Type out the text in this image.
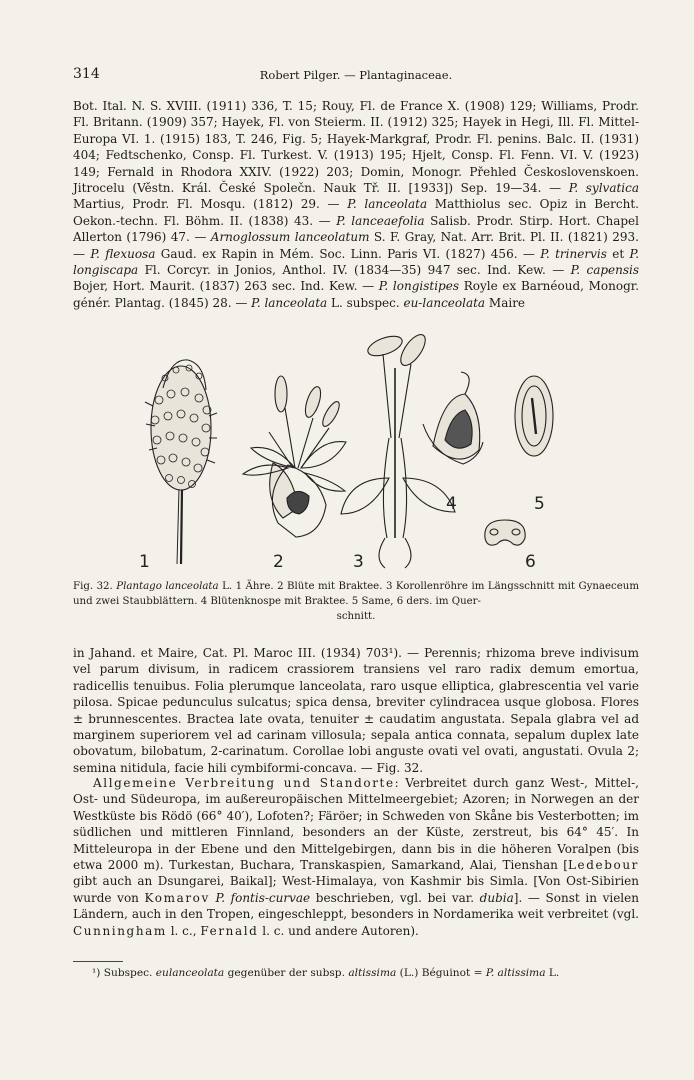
314	Robert Pilger. — Plantaginaceae.

Bot. Ital. N. S. XVIII. (1911) 336, T. 15; Rouy, Fl. de France X. (1908) 129; Williams, Prodr. Fl. Britann. (1909) 357; Hayek, Fl. von Steierm. II. (1912) 325; Hayek in Hegi, Ill. Fl. Mittel-Europa VI. 1. (1915) 183, T. 246, Fig. 5; Hayek-Markgraf, Prodr. Fl. penins. Balc. II. (1931) 404; Fedtschenko, Consp. Fl. Turkest. V. (1913) 195; Hjelt, Consp. Fl. Fenn. VI. V. (1923) 149; Fernald in Rhodora XXIV. (1922) 203; Domin, Monogr. Přehled Československoen. Jitrocelu (Věstn. Král. České Společn. Nauk Tř. II. [1933]) Sep. 19—34. — P. sylvatica Martius, Prodr. Fl. Mosqu. (1812) 29. — P. lanceolata Matthiolus sec. Opiz in Bercht. Oekon.-techn. Fl. Böhm. II. (1838) 43. — P. lanceaefolia Salisb. Prodr. Stirp. Hort. Chapel Allerton (1796) 47. — Arnoglossum lanceolatum S. F. Gray, Nat. Arr. Brit. Pl. II. (1821) 293. — P. flexuosa Gaud. ex Rapin in Mém. Soc. Linn. Paris VI. (1827) 456. — P. trinervis et P. longiscapa Fl. Corcyr. in Jonios, Anthol. IV. (1834—35) 947 sec. Ind. Kew. — P. capensis Bojer, Hort. Maurit. (1837) 263 sec. Ind. Kew. — P. longistipes Royle ex Barnéoud, Monogr. génér. Plantag. (1845) 28. — P. lanceolata L. subspec. eu-lanceolata Maire

1	2	3
4	5
6
Fig. 32. Plantago lanceolata L. 1 Ähre. 2 Blüte mit Braktee. 3 Korollenröhre im Längsschnitt mit Gynaeceum und zwei Staubblättern. 4 Blütenknospe mit Braktee. 5 Same, 6 ders. im Quer-
schnitt.

in Jahand. et Maire, Cat. Pl. Maroc III. (1934) 703¹). — Perennis; rhizoma breve indivisum vel parum divisum, in radicem crassiorem transiens vel raro radix demum emortua, radicellis tenuibus. Folia plerumque lanceolata, raro usque elliptica, glabrescentia vel varie pilosa. Spicae pedunculus sulcatus; spica densa, breviter cylindracea usque globosa. Flores ± brunnescentes. Bracteа late ovata, tenuiter ± caudatim angustata. Sepala glabra vel ad marginem superiorem vel ad carinam villosula; sepala antica connata, sepalum duplex late obovatum, bilobatum, 2-carinatum. Corollae lobi anguste ovati vel ovati, angustati. Ovula 2; semina nitidula, facie hili cymbiformi-concava. — Fig. 32.

Allgemeine Verbreitung und Standorte: Verbreitet durch ganz West-, Mittel-, Ost- und Südeuropa, im außereuropäischen Mittelmeergebiet; Azoren; in Norwegen an der Westküste bis Rödö (66° 40′), Lofoten?; Färöer; in Schweden von Skåne bis Vesterbotten; im südlichen und mittleren Finnland, besonders an der Küste, zerstreut, bis 64° 45′. In Mitteleuropa in der Ebene und den Mittelgebirgen, dann bis in die höheren Voralpen (bis etwa 2000 m). Turkestan, Buchara, Transkaspien, Samarkand, Alai, Tienshan [Ledebour gibt auch an Dsungarei, Baikal]; West-Himalaya, von Kashmir bis Simla. [Von Ost-Sibirien wurde von Komarov P. fontis-curvae beschrieben, vgl. bei var. dubia]. — Sonst in vielen Ländern, auch in den Tropen, eingeschleppt, besonders in Nordamerika weit verbreitet (vgl. Cunningham l. c., Fernald l. c. und andere Autoren).

¹) Subspec. eulanceolata gegenüber der subsp. altissima (L.) Béguinot = P. altissima L.
